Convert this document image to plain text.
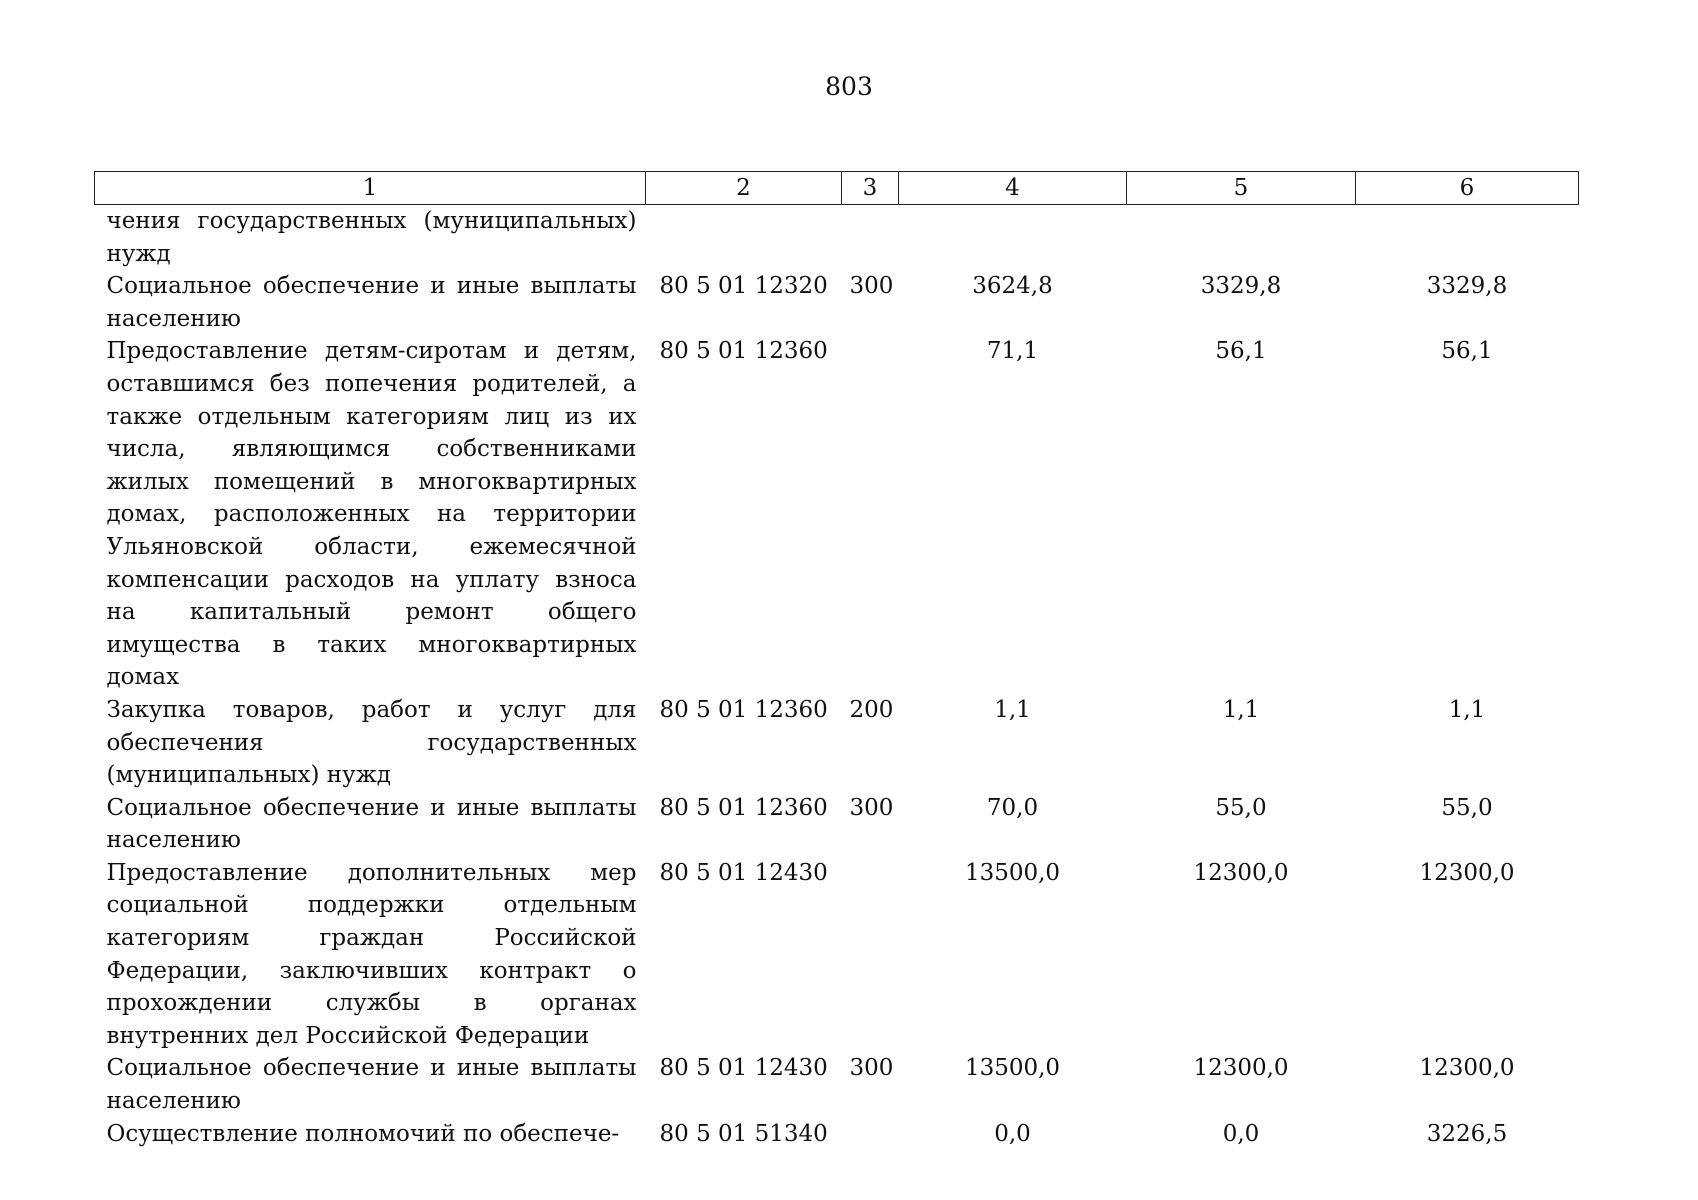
803
1	2	3	4	5	6
чения государственных (муниципальных) нужд					
Социальное обеспечение и иные выплаты населению	80 5 01 12320	300	3624,8	3329,8	3329,8
Предоставление детям-сиротам и детям, оставшимся без попечения родителей, а также отдельным категориям лиц из их числа, являющимся собственниками жилых помещений в многоквартирных домах, расположенных на территории Ульяновской области, ежемесячной компенсации расходов на уплату взноса на капитальный ремонт общего имущества в таких многоквартирных домах	80 5 01 12360		71,1	56,1	56,1
Закупка товаров, работ и услуг для обеспечения государственных (муниципальных) нужд	80 5 01 12360	200	1,1	1,1	1,1
Социальное обеспечение и иные выплаты населению	80 5 01 12360	300	70,0	55,0	55,0
Предоставление дополнительных мер социальной поддержки отдельным категориям граждан Российской Федерации, заключивших контракт о прохождении службы в органах внутренних дел Российской Федерации	80 5 01 12430		13500,0	12300,0	12300,0
Социальное обеспечение и иные выплаты населению	80 5 01 12430	300	13500,0	12300,0	12300,0
Осуществление полномочий по обеспече-	80 5 01 51340		0,0	0,0	3226,5
